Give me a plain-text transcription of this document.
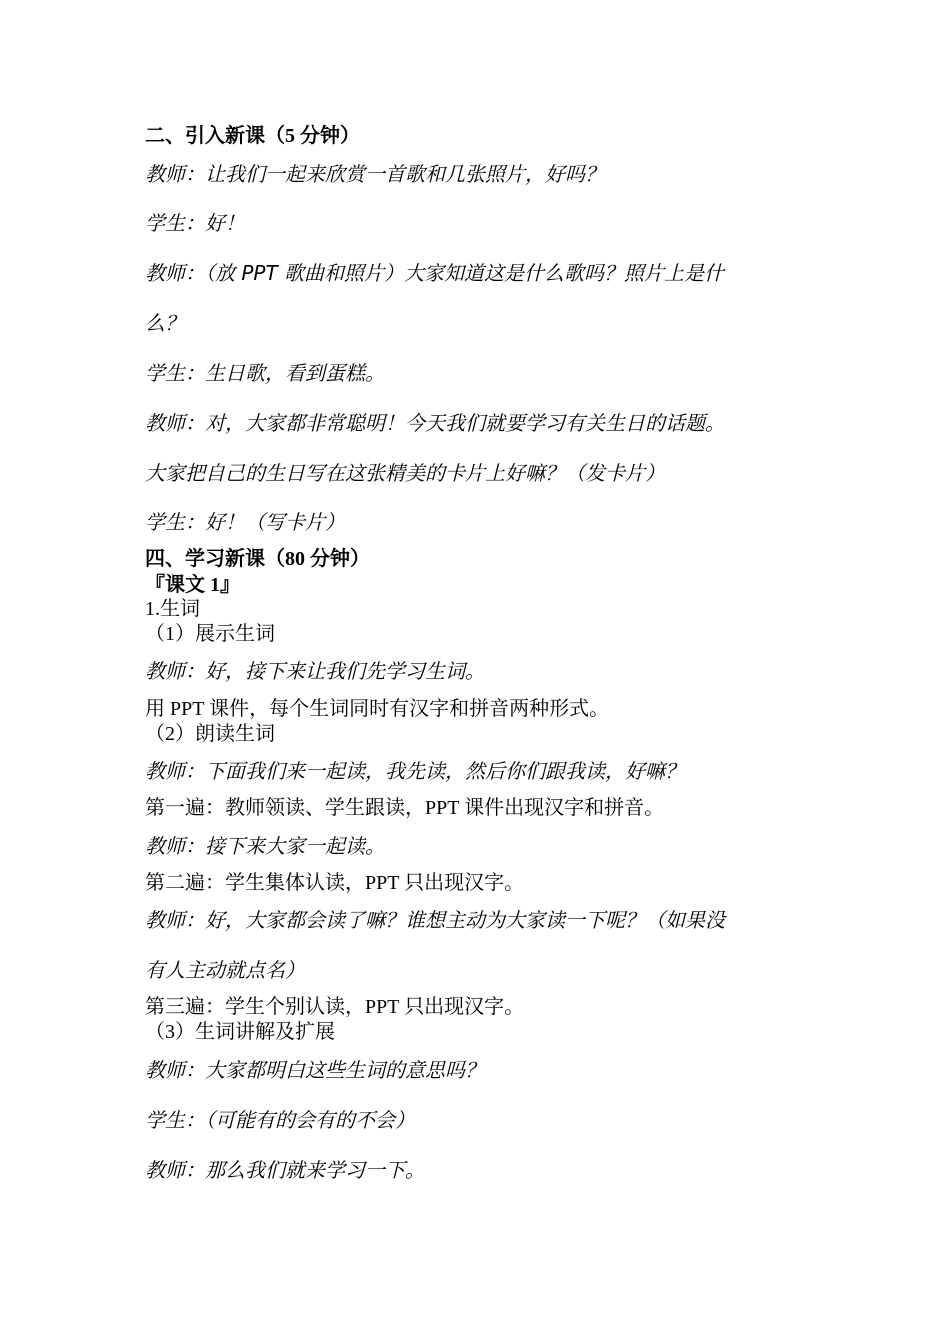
二、引入新课（5 分钟）
教师：让我们一起来欣赏一首歌和几张照片，好吗？
学生：好！
教师：（放 PPT 歌曲和照片）大家知道这是什么歌吗？照片上是什
么？
学生：生日歌，看到蛋糕。
教师：对，大家都非常聪明！今天我们就要学习有关生日的话题。
大家把自己的生日写在这张精美的卡片上好嘛？（发卡片）
学生：好！（写卡片）
四、学习新课（80 分钟）
『课文 1』
1.生词
（1）展示生词
教师：好，接下来让我们先学习生词。
用 PPT 课件，每个生词同时有汉字和拼音两种形式。
（2）朗读生词
教师：下面我们来一起读，我先读，然后你们跟我读，好嘛？
第一遍：教师领读、学生跟读，PPT 课件出现汉字和拼音。
教师：接下来大家一起读。
第二遍：学生集体认读，PPT 只出现汉字。
教师：好，大家都会读了嘛？谁想主动为大家读一下呢？（如果没
有人主动就点名）
第三遍：学生个别认读，PPT 只出现汉字。
（3）生词讲解及扩展
教师：大家都明白这些生词的意思吗？
学生：（可能有的会有的不会）
教师：那么我们就来学习一下。
